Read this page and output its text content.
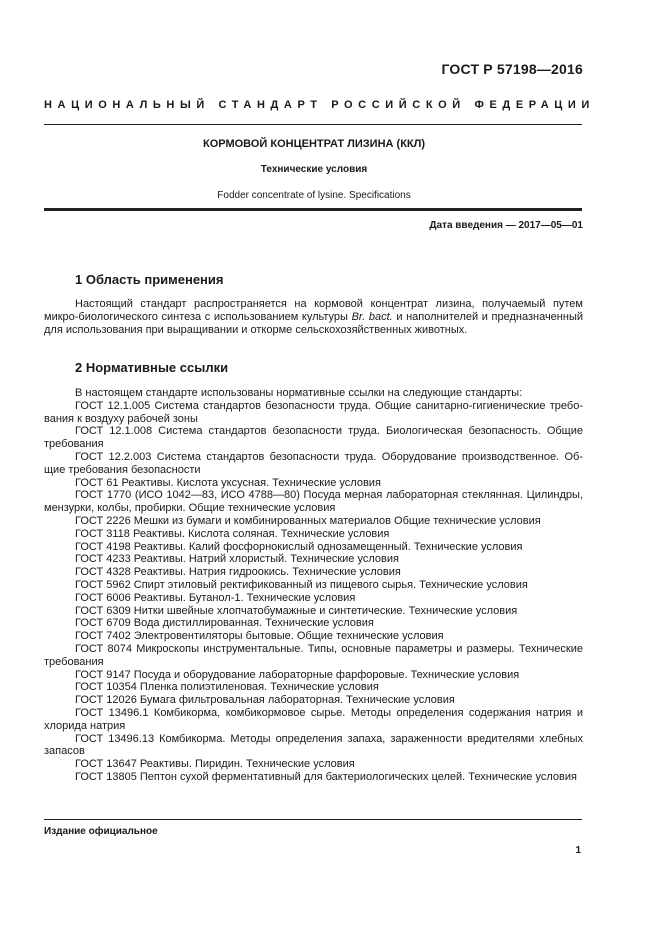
ГОСТ Р 57198—2016
НАЦИОНАЛЬНЫЙ СТАНДАРТ РОССИЙСКОЙ ФЕДЕРАЦИИ
КОРМОВОЙ КОНЦЕНТРАТ ЛИЗИНА (ККЛ)
Технические условия
Fodder concentrate of lysine. Specifications
Дата введения — 2017—05—01
1 Область применения

Настоящий стандарт распространяется на кормовой концентрат лизина, получаемый путем микро-биологического синтеза с использованием культуры Br. bact. и наполнителей и предназначенный для использования при выращивании и откорме сельскохозяйственных животных.

2 Нормативные ссылки

В настоящем стандарте использованы нормативные ссылки на следующие стандарты:

ГОСТ 12.1.005 Система стандартов безопасности труда. Общие санитарно-гигиенические требо-вания к воздуху рабочей зоны

ГОСТ 12.1.008 Система стандартов безопасности труда. Биологическая безопасность. Общие требования

ГОСТ 12.2.003 Система стандартов безопасности труда. Оборудование производственное. Об-щие требования безопасности

ГОСТ 61 Реактивы. Кислота уксусная. Технические условия

ГОСТ 1770 (ИСО 1042—83, ИСО 4788—80) Посуда мерная лабораторная стеклянная. Цилиндры, мензурки, колбы, пробирки. Общие технические условия

ГОСТ 2226 Мешки из бумаги и комбинированных материалов Общие технические условия

ГОСТ 3118 Реактивы. Кислота соляная. Технические условия

ГОСТ 4198 Реактивы. Калий фосфорнокислый однозамещенный. Технические условия

ГОСТ 4233 Реактивы. Натрий хлористый. Технические условия

ГОСТ 4328 Реактивы. Натрия гидроокись. Технические условия

ГОСТ 5962 Спирт этиловый ректификованный из пищевого сырья. Технические условия

ГОСТ 6006 Реактивы. Бутанол-1. Технические условия

ГОСТ 6309 Нитки швейные хлопчатобумажные и синтетические. Технические условия

ГОСТ 6709 Вода дистиллированная. Технические условия

ГОСТ 7402 Электровентиляторы бытовые. Общие технические условия

ГОСТ 8074 Микроскопы инструментальные. Типы, основные параметры и размеры. Технические требования

ГОСТ 9147 Посуда и оборудование лабораторные фарфоровые. Технические условия

ГОСТ 10354 Пленка полиэтиленовая. Технические условия

ГОСТ 12026 Бумага фильтровальная лабораторная. Технические условия

ГОСТ 13496.1 Комбикорма, комбикормовое сырье. Методы определения содержания натрия и хлорида натрия

ГОСТ 13496.13 Комбикорма. Методы определения запаха, зараженности вредителями хлебных запасов

ГОСТ 13647 Реактивы. Пиридин. Технические условия

ГОСТ 13805 Пептон сухой ферментативный для бактериологических целей. Технические условия

Издание официальное
1
